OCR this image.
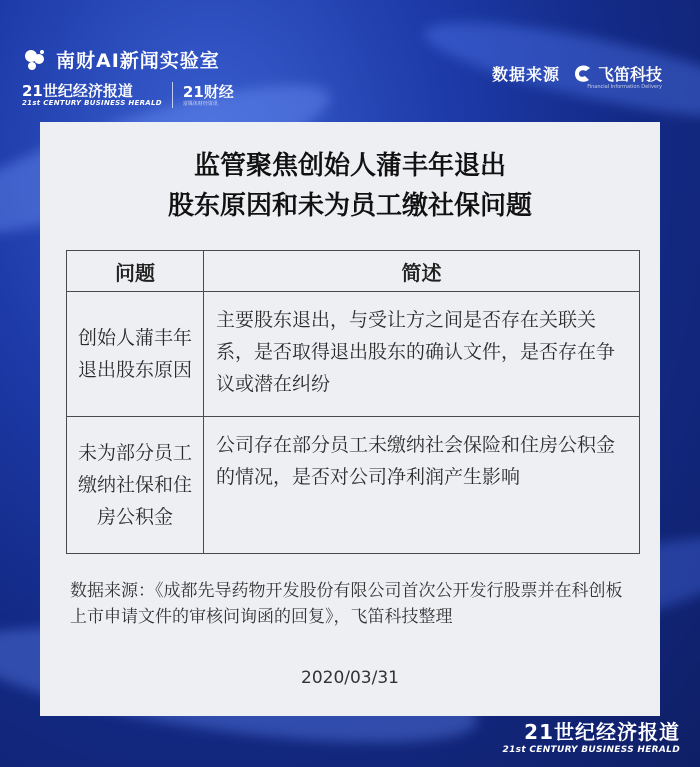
南财AI新闻实验室
21世纪经济报道
21st CENTURY BUSINESS HERALD
21财经
富媒体财经资讯
数据来源 飞笛科技
Financial Information Delivery
监管聚焦创始人蒲丰年退出
股东原因和未为员工缴社保问题
问题	简述
创始人蒲丰年退出股东原因	主要股东退出，与受让方之间是否存在关联关系，是否取得退出股东的确认文件，是否存在争议或潜在纠纷
未为部分员工缴纳社保和住房公积金	公司存在部分员工未缴纳社会保险和住房公积金的情况，是否对公司净利润产生影响
数据来源：《成都先导药物开发股份有限公司首次公开发行股票并在科创板上市申请文件的审核问询函的回复》，飞笛科技整理
2020/03/31
21世纪经济报道
21st CENTURY BUSINESS HERALD
